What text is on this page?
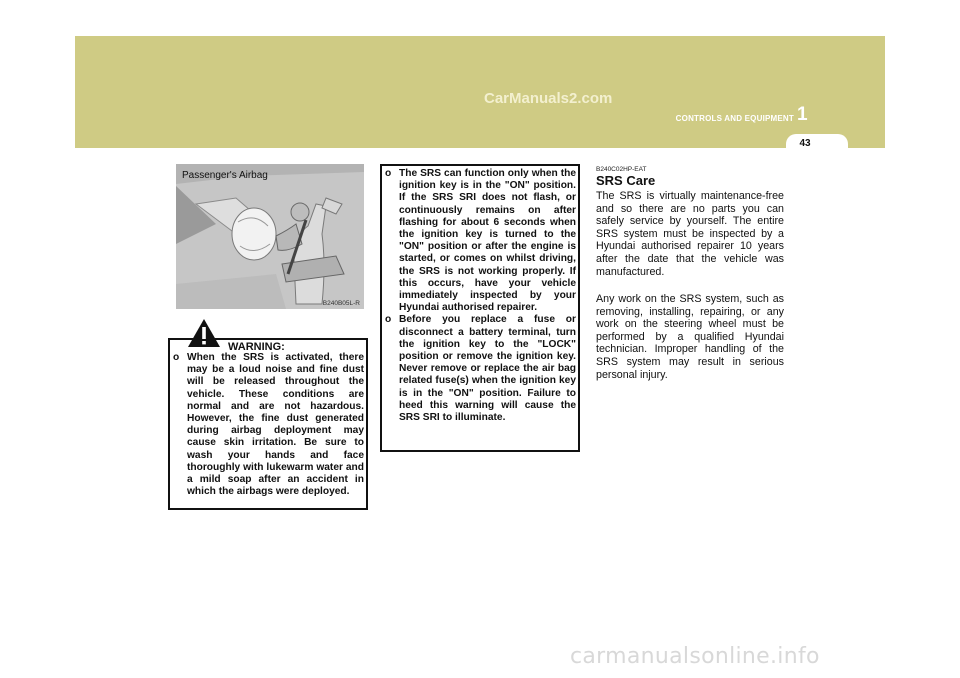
CarManuals2.com
CONTROLS AND EQUIPMENT 1
43
Passenger's Airbag
B240B05L-R
WARNING:

o When the SRS is activated, there may be a loud noise and fine dust will be released throughout the vehicle. These conditions are normal and are not hazardous. However, the fine dust generated during airbag deployment may cause skin irritation. Be sure to wash your hands and face thoroughly with lukewarm water and a mild soap after an accident in which the airbags were deployed.

o The SRS can function only when the ignition key is in the "ON" position. If the SRS SRI does not flash, or continuously remains on after flashing for about 6 seconds when the ignition key is turned to the "ON" position or after the engine is started, or comes on whilst driving, the SRS is not working properly. If this occurs, have your vehicle immediately inspected by your Hyundai authorised repairer.

o Before you replace a fuse or disconnect a battery terminal, turn the ignition key to the "LOCK" position or remove the ignition key. Never remove or replace the air bag related fuse(s) when the ignition key is in the "ON" position. Failure to heed this warning will cause the SRS SRI to illuminate.

B240C02HP-EAT
SRS Care

The SRS is virtually maintenance-free and so there are no parts you can safely service by yourself. The entire SRS system must be inspected by a Hyundai authorised repairer 10 years after the date that the vehicle was manufactured.

Any work on the SRS system, such as removing, installing, repairing, or any work on the steering wheel must be performed by a qualified Hyundai technician. Improper handling of the SRS system may result in serious personal injury.

carmanualsonline.info
